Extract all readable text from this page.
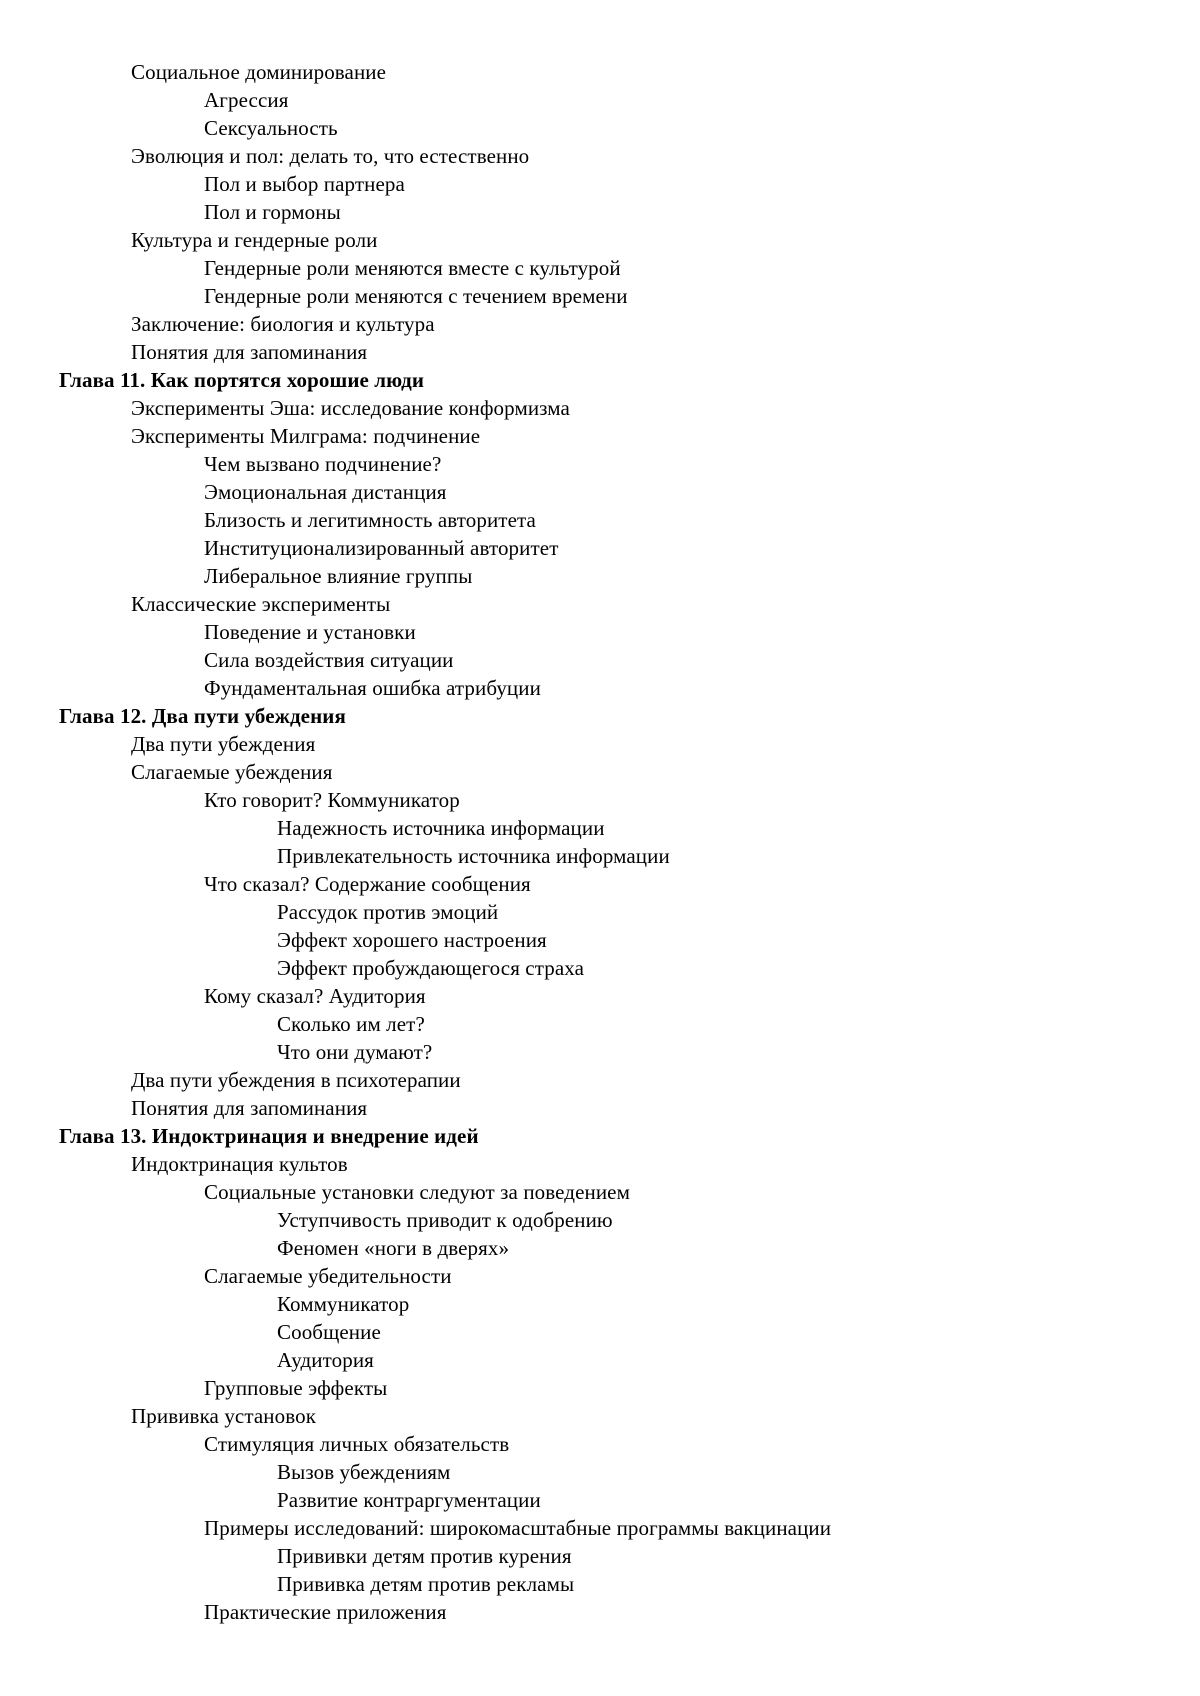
Социальное доминирование
Агрессия
Сексуальность
Эволюция и пол: делать то, что естественно
Пол и выбор партнера
Пол и гормоны
Культура и гендерные роли
Гендерные роли меняются вместе с культурой
Гендерные роли меняются с течением времени
Заключение: биология и культура
Понятия для запоминания
Глава 11. Как портятся хорошие люди
Эксперименты Эша: исследование конформизма
Эксперименты Милграма: подчинение
Чем вызвано подчинение?
Эмоциональная дистанция
Близость и легитимность авторитета
Институционализированный авторитет
Либеральное влияние группы
Классические эксперименты
Поведение и установки
Сила воздействия ситуации
Фундаментальная ошибка атрибуции
Глава 12. Два пути убеждения
Два пути убеждения
Слагаемые убеждения
Кто говорит? Коммуникатор
Надежность источника информации
Привлекательность источника информации
Что сказал? Содержание сообщения
Рассудок против эмоций
Эффект хорошего настроения
Эффект пробуждающегося страха
Кому сказал? Аудитория
Сколько им лет?
Что они думают?
Два пути убеждения в психотерапии
Понятия для запоминания
Глава 13. Индоктринация и внедрение идей
Индоктринация культов
Социальные установки следуют за поведением
Уступчивость приводит к одобрению
Феномен «ноги в дверях»
Слагаемые убедительности
Коммуникатор
Сообщение
Аудитория
Групповые эффекты
Прививка установок
Стимуляция личных обязательств
Вызов убеждениям
Развитие контраргументации
Примеры исследований: широкомасштабные программы вакцинации
Прививки детям против курения
Прививка детям против рекламы
Практические приложения
